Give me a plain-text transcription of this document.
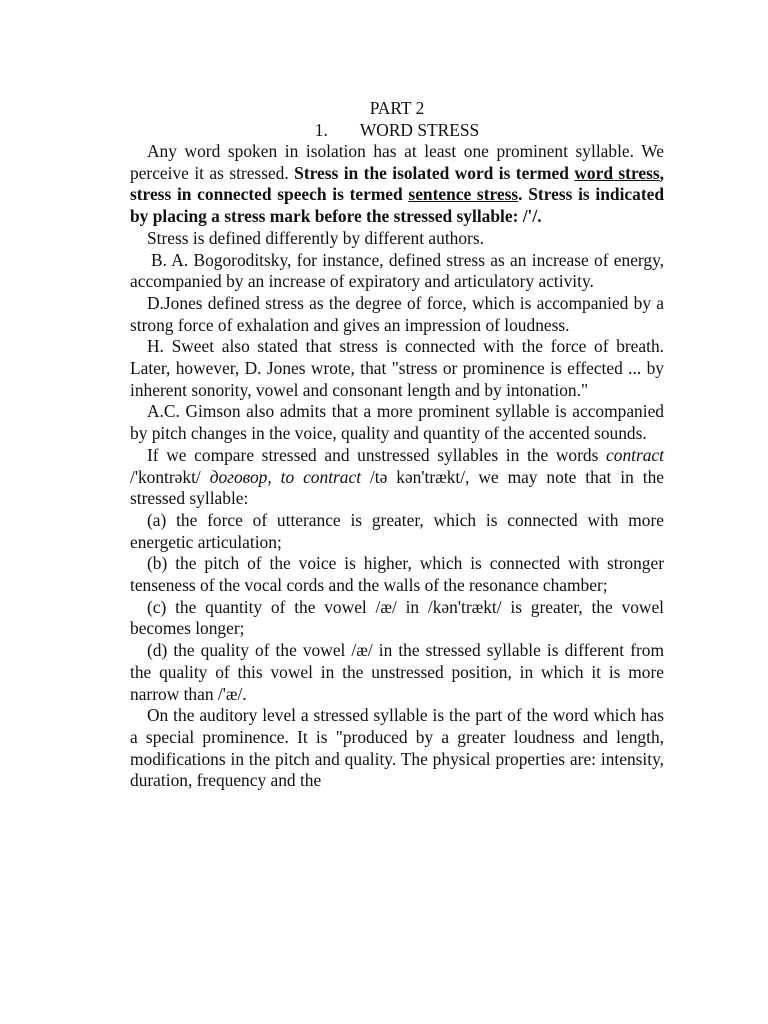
PART 2
1. WORD STRESS

Any word spoken in isolation has at least one prominent syllable. We perceive it as stressed. Stress in the isolated word is termed word stress, stress in connected speech is termed sentence stress. Stress is indicated by placing a stress mark before the stressed syllable: /'/.

Stress is defined differently by different authors.

B. A. Bogoroditsky, for instance, defined stress as an increase of energy, accompanied by an increase of expiratory and articulatory activity.

D.Jones defined stress as the degree of force, which is accompanied by a strong force of exhalation and gives an impression of loudness.

H. Sweet also stated that stress is connected with the force of breath. Later, however, D. Jones wrote, that "stress or prominence is effected ... by inherent sonority, vowel and consonant length and by intonation."

A.C. Gimson also admits that a more prominent syllable is accompanied by pitch changes in the voice, quality and quantity of the accented sounds.

If we compare stressed and unstressed syllables in the words contract /'kontrəkt/ договор, to contract /tə kən'trækt/, we may note that in the stressed syllable:

(a) the force of utterance is greater, which is connected with more energetic articulation;

(b) the pitch of the voice is higher, which is connected with stronger tenseness of the vocal cords and the walls of the resonance chamber;

(c) the quantity of the vowel /æ/ in /kən'trækt/ is greater, the vowel becomes longer;

(d) the quality of the vowel /æ/ in the stressed syllable is different from the quality of this vowel in the unstressed position, in which it is more narrow than /'æ/.

On the auditory level a stressed syllable is the part of the word which has a special prominence. It is "produced by a greater loudness and length, modifications in the pitch and quality. The physical properties are: intensity, duration, frequency and the
